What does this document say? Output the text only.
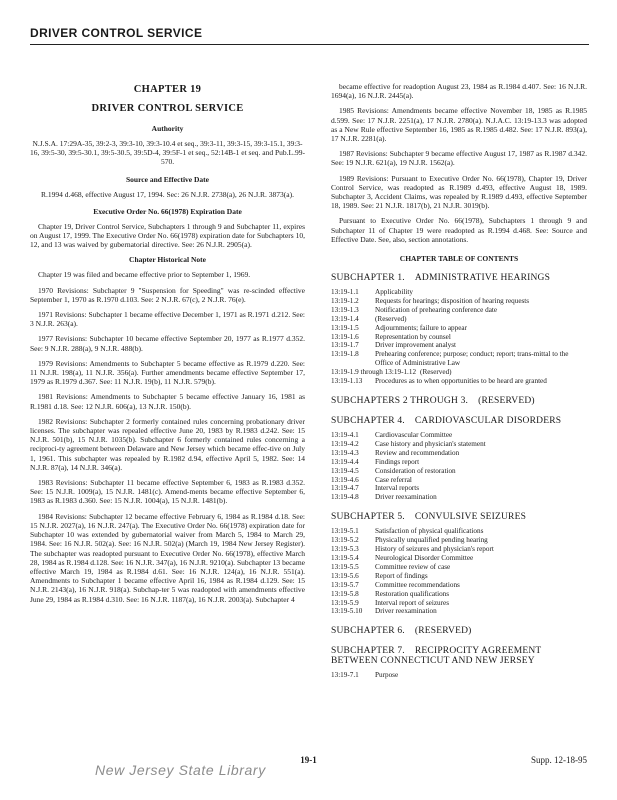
DRIVER CONTROL SERVICE
CHAPTER 19
DRIVER CONTROL SERVICE
Authority
N.J.S.A. 17:29A-35, 39:2-3, 39:3-10, 39:3-10.4 et seq., 39:3-11, 39:3-15, 39:3-15.1, 39:3-16, 39:5-30, 39:5-30.1, 39:5-30.5, 39:5D-4, 39:5F-1 et seq., 52:14B-1 et seq. and Pub.L.99-570.
Source and Effective Date
R.1994 d.468, effective August 17, 1994. Sec: 26 N.J.R. 2738(a), 26 N.J.R. 3873(a).
Executive Order No. 66(1978) Expiration Date

Chapter 19, Driver Control Service, Subchapters 1 through 9 and Subchapter 11, expires on August 17, 1999. The Executive Order No. 66(1978) expiration date for Subchapters 10, 12, and 13 was waived by gubernatorial directive. See: 26 N.J.R. 2905(a).

Chapter Historical Note

Chapter 19 was filed and became effective prior to September 1, 1969.

1970 Revisions: Subchapter 9 "Suspension for Speeding" was re-scinded effective September 1, 1970 as R.1970 d.103. See: 2 N.J.R. 67(c), 2 N.J.R. 76(e).

1971 Revisions: Subchapter 1 became effective December 1, 1971 as R.1971 d.212. See: 3 N.J.R. 263(a).

1977 Revisions: Subchapter 10 became effective September 20, 1977 as R.1977 d.352. See: 9 N.J.R. 288(a), 9 N.J.R. 488(b).

1979 Revisions: Amendments to Subchapter 5 became effective as R.1979 d.220. See: 11 N.J.R. 198(a), 11 N.J.R. 356(a). Further amendments became effective September 17, 1979 as R.1979 d.367. See: 11 N.J.R. 19(b), 11 N.J.R. 579(b).

1981 Revisions: Amendments to Subchapter 5 became effective January 16, 1981 as R.1981 d.18. See: 12 N.J.R. 606(a), 13 N.J.R. 150(b).

1982 Revisions: Subchapter 2 formerly contained rules concerning probationary driver licenses. The subchapter was repealed effective June 20, 1983 by R.1983 d.242. See: 15 N.J.R. 501(b), 15 N.J.R. 1035(b). Subchapter 6 formerly contained rules concerning a reciproci-ty agreement between Delaware and New Jersey which became effec-tive on July 1, 1961. This subchapter was repealed by R.1982 d.94, effective April 5, 1982. See: 14 N.J.R. 87(a), 14 N.J.R. 346(a).

1983 Revisions: Subchapter 11 became effective September 6, 1983 as R.1983 d.352. See: 15 N.J.R. 1009(a), 15 N.J.R. 1481(c). Amend-ments became effective September 6, 1983 as R.1983 d.360. See: 15 N.J.R. 1004(a), 15 N.J.R. 1481(b).

1984 Revisions: Subchapter 12 became effective February 6, 1984 as R.1984 d.18. See: 15 N.J.R. 2027(a), 16 N.J.R. 247(a). The Executive Order No. 66(1978) expiration date for Subchapter 10 was extended by gubernatorial waiver from March 5, 1984 to March 29, 1984. See: 16 N.J.R. 502(a). See: 16 N.J.R. 502(a) (March 19, 1984 New Jersey Register). The subchapter was readopted pursuant to Executive Order No. 66(1978), effective March 28, 1984 as R.1984 d.128. See: 16 N.J.R. 347(a), 16 N.J.R. 9210(a). Subchapter 13 became effective March 19, 1984 as R.1984 d.61. See: 16 N.J.R. 124(a), 16 N.J.R. 551(a). Amendments to Subchapter 1 became effective April 16, 1984 as R.1984 d.129. See: 15 N.J.R. 2143(a), 16 N.J.R. 918(a). Subchap-ter 5 was readopted with amendments effective June 29, 1984 as R.1984 d.310. See: 16 N.J.R. 1187(a), 16 N.J.R. 2003(a). Subchapter 4

became effective for readoption August 23, 1984 as R.1984 d.407. See: 16 N.J.R. 1694(a), 16 N.J.R. 2445(a).

1985 Revisions: Amendments became effective November 18, 1985 as R.1985 d.599. See: 17 N.J.R. 2251(a), 17 N.J.R. 2780(a). N.J.A.C. 13:19-13.3 was adopted as a New Rule effective September 16, 1985 as R.1985 d.482. See: 17 N.J.R. 893(a), 17 N.J.R. 2281(a).

1987 Revisions: Subchapter 9 became effective August 17, 1987 as R.1987 d.342. See: 19 N.J.R. 621(a), 19 N.J.R. 1562(a).

1989 Revisions: Pursuant to Executive Order No. 66(1978), Chapter 19, Driver Control Service, was readopted as R.1989 d.493, effective August 18, 1989. Subchapter 3, Accident Claims, was repealed by R.1989 d.493, effective September 18, 1989. See: 21 N.J.R. 1817(b), 21 N.J.R. 3019(b).

Pursuant to Executive Order No. 66(1978), Subchapters 1 through 9 and Subchapter 11 of Chapter 19 were readopted as R.1994 d.468. See: Source and Effective Date. See, also, section annotations.

CHAPTER TABLE OF CONTENTS
SUBCHAPTER 1. ADMINISTRATIVE HEARINGS
13:19-1.1	Applicability
13:19-1.2	Requests for hearings; disposition of hearing requests
13:19-1.3	Notification of prehearing conference date
13:19-1.4	(Reserved)
13:19-1.5	Adjournments; failure to appear
13:19-1.6	Representation by counsel
13:19-1.7	Driver improvement analyst
13:19-1.8	Prehearing conference; purpose; conduct; report; trans-mittal to the Office of Administrative Law
13:19-1.9 through 13:19-1.12 (Reserved)
13:19-1.13	Procedures as to when opportunities to be heard are granted
SUBCHAPTERS 2 THROUGH 3. (RESERVED)
SUBCHAPTER 4. CARDIOVASCULAR DISORDERS
13:19-4.1	Cardiovascular Committee
13:19-4.2	Case history and physician's statement
13:19-4.3	Review and recommendation
13:19-4.4	Findings report
13:19-4.5	Consideration of restoration
13:19-4.6	Case referral
13:19-4.7	Interval reports
13:19-4.8	Driver reexamination
SUBCHAPTER 5. CONVULSIVE SEIZURES
13:19-5.1	Satisfaction of physical qualifications
13:19-5.2	Physically unqualified pending hearing
13:19-5.3	History of seizures and physician's report
13:19-5.4	Neurological Disorder Committee
13:19-5.5	Committee review of case
13:19-5.6	Report of findings
13:19-5.7	Committee recommendations
13:19-5.8	Restoration qualifications
13:19-5.9	Interval report of seizures
13:19-5.10	Driver reexamination
SUBCHAPTER 6. (RESERVED)
SUBCHAPTER 7. RECIPROCITY AGREEMENT BETWEEN CONNECTICUT AND NEW JERSEY
13:19-7.1	Purpose
19-1	Supp. 12-18-95
New Jersey State Library
